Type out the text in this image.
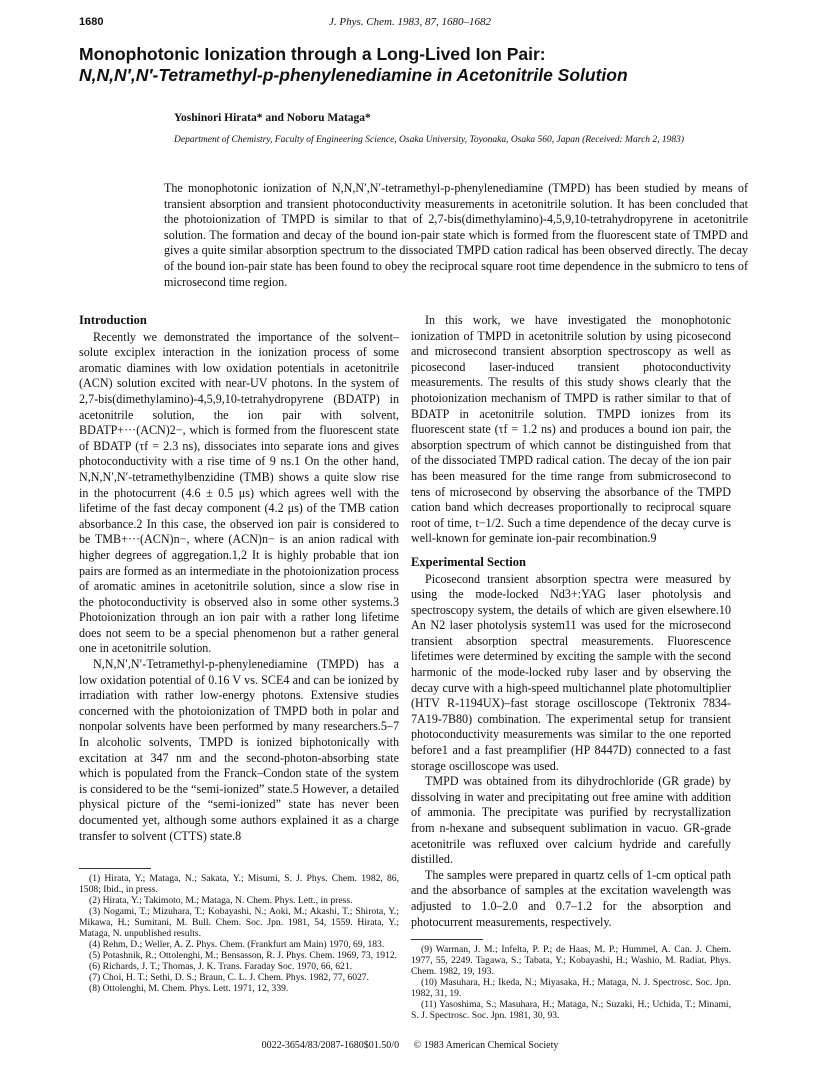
1680	J. Phys. Chem. 1983, 87, 1680–1682
Monophotonic Ionization through a Long-Lived Ion Pair:
N,N,N′,N′-Tetramethyl-p-phenylenediamine in Acetonitrile Solution
Yoshinori Hirata* and Noboru Mataga*
Department of Chemistry, Faculty of Engineering Science, Osaka University, Toyonaka, Osaka 560, Japan (Received: March 2, 1983)
The monophotonic ionization of N,N,N′,N′-tetramethyl-p-phenylenediamine (TMPD) has been studied by means of transient absorption and transient photoconductivity measurements in acetonitrile solution. It has been concluded that the photoionization of TMPD is similar to that of 2,7-bis(dimethylamino)-4,5,9,10-tetrahydropyrene in acetonitrile solution. The formation and decay of the bound ion-pair state which is formed from the fluorescent state of TMPD and gives a quite similar absorption spectrum to the dissociated TMPD cation radical has been observed directly. The decay of the bound ion-pair state has been found to obey the reciprocal square root time dependence in the submicro to tens of microsecond time region.
Introduction

Recently we demonstrated the importance of the solvent–solute exciplex interaction in the ionization process of some aromatic diamines with low oxidation potentials in acetonitrile (ACN) solution excited with near-UV photons. In the system of 2,7-bis(dimethylamino)-4,5,9,10-tetrahydropyrene (BDATP) in acetonitrile solution, the ion pair with solvent, BDATP+···(ACN)2−, which is formed from the fluorescent state of BDATP (τf = 2.3 ns), dissociates into separate ions and gives photoconductivity with a rise time of 9 ns.1 On the other hand, N,N,N′,N′-tetramethylbenzidine (TMB) shows a quite slow rise in the photocurrent (4.6 ± 0.5 μs) which agrees well with the lifetime of the fast decay component (4.2 μs) of the TMB cation absorbance.2 In this case, the observed ion pair is considered to be TMB+···(ACN)n−, where (ACN)n− is an anion radical with higher degrees of aggregation.1,2 It is highly probable that ion pairs are formed as an intermediate in the photoionization process of aromatic amines in acetonitrile solution, since a slow rise in the photoconductivity is observed also in some other systems.3 Photoionization through an ion pair with a rather long lifetime does not seem to be a special phenomenon but a rather general one in acetonitrile solution.

N,N,N′,N′-Tetramethyl-p-phenylenediamine (TMPD) has a low oxidation potential of 0.16 V vs. SCE4 and can be ionized by irradiation with rather low-energy photons. Extensive studies concerned with the photoionization of TMPD both in polar and nonpolar solvents have been performed by many researchers.5–7 In alcoholic solvents, TMPD is ionized biphotonically with excitation at 347 nm and the second-photon-absorbing state which is populated from the Franck–Condon state of the system is considered to be the “semi-ionized” state.5 However, a detailed physical picture of the “semi-ionized” state has never been documented yet, although some authors explained it as a charge transfer to solvent (CTTS) state.8

In this work, we have investigated the monophotonic ionization of TMPD in acetonitrile solution by using picosecond and microsecond transient absorption spectroscopy as well as picosecond laser-induced transient photoconductivity measurements. The results of this study shows clearly that the photoionization mechanism of TMPD is rather similar to that of BDATP in acetonitrile solution. TMPD ionizes from its fluorescent state (τf = 1.2 ns) and produces a bound ion pair, the absorption spectrum of which cannot be distinguished from that of the dissociated TMPD radical cation. The decay of the ion pair has been measured for the time range from submicrosecond to tens of microsecond by observing the absorbance of the TMPD cation band which decreases proportionally to reciprocal square root of time, t−1/2. Such a time dependence of the decay curve is well-known for geminate ion-pair recombination.9

Experimental Section

Picosecond transient absorption spectra were measured by using the mode-locked Nd3+:YAG laser photolysis and spectroscopy system, the details of which are given elsewhere.10 An N2 laser photolysis system11 was used for the microsecond transient absorption spectral measurements. Fluorescence lifetimes were determined by exciting the sample with the second harmonic of the mode-locked ruby laser and by observing the decay curve with a high-speed multichannel plate photomultiplier (HTV R-1194UX)–fast storage oscilloscope (Tektronix 7834-7A19-7B80) combination. The experimental setup for transient photoconductivity measurements was similar to the one reported before1 and a fast preamplifier (HP 8447D) connected to a fast storage oscilloscope was used.

TMPD was obtained from its dihydrochloride (GR grade) by dissolving in water and precipitating out free amine with addition of ammonia. The precipitate was purified by recrystallization from n-hexane and subsequent sublimation in vacuo. GR-grade acetonitrile was refluxed over calcium hydride and carefully distilled.

The samples were prepared in quartz cells of 1-cm optical path and the absorbance of samples at the excitation wavelength was adjusted to 1.0–2.0 and 0.7–1.2 for the absorption and photocurrent measurements, respectively.

(1) Hirata, Y.; Mataga, N.; Sakata, Y.; Misumi, S. J. Phys. Chem. 1982, 86, 1508; Ibid., in press.
(2) Hirata, Y.; Takimoto, M.; Mataga, N. Chem. Phys. Lett., in press.
(3) Nogami, T.; Mizuhara, T.; Kobayashi, N.; Aoki, M.; Akashi, T.; Shirota, Y.; Mikawa, H.; Sumitani, M. Bull. Chem. Soc. Jpn. 1981, 54, 1559. Hirata, Y.; Mataga, N. unpublished results.
(4) Rehm, D.; Weller, A. Z. Phys. Chem. (Frankfurt am Main) 1970, 69, 183.
(5) Potashnik, R.; Ottolenghi, M.; Bensasson, R. J. Phys. Chem. 1969, 73, 1912.
(6) Richards, J. T.; Thomas, J. K. Trans. Faraday Soc. 1970, 66, 621.
(7) Choi, H. T.; Sethi, D. S.; Braun, C. L. J. Chem. Phys. 1982, 77, 6027.
(8) Ottolenghi, M. Chem. Phys. Lett. 1971, 12, 339.
(9) Warman, J. M.; Infelta, P. P.; de Haas, M. P.; Hummel, A. Can. J. Chem. 1977, 55, 2249. Tagawa, S.; Tabata, Y.; Kobayashi, H.; Washio, M. Radiat. Phys. Chem. 1982, 19, 193.
(10) Masuhara, H.; Ikeda, N.; Miyasaka, H.; Mataga, N. J. Spectrosc. Soc. Jpn. 1982, 31, 19.
(11) Yasoshima, S.; Masuhara, H.; Mataga, N.; Suzaki, H.; Uchida, T.; Minami, S. J. Spectrosc. Soc. Jpn. 1981, 30, 93.
0022-3654/83/2087-1680$01.50/0 © 1983 American Chemical Society
